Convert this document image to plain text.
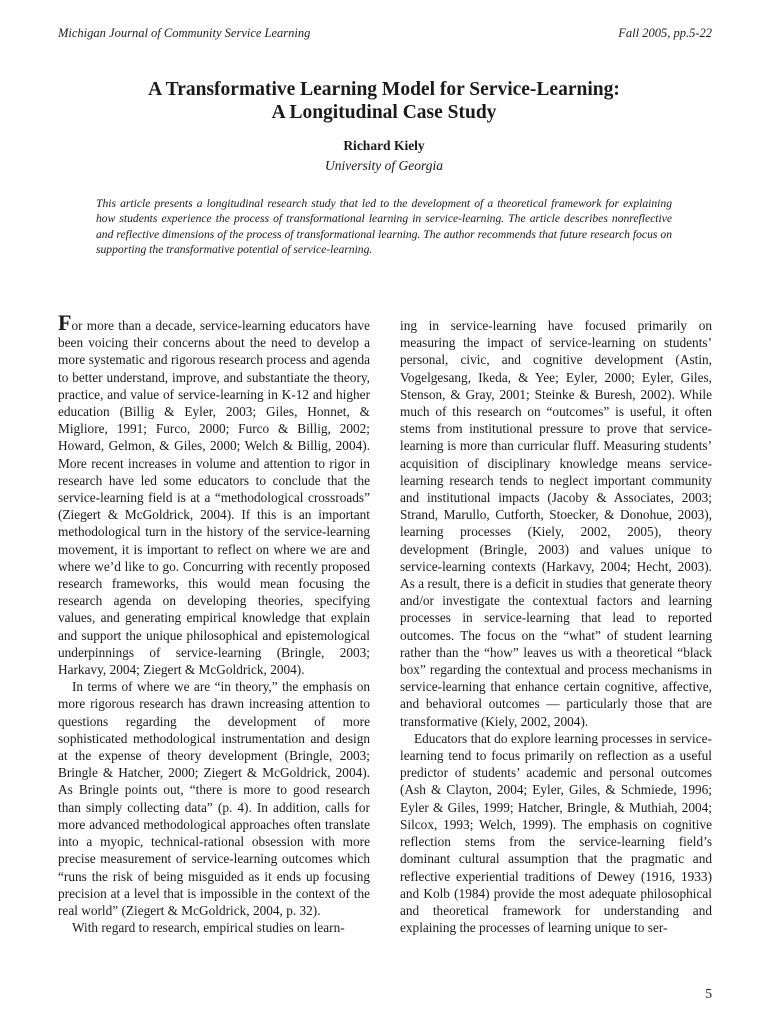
Michigan Journal of Community Service Learning	Fall 2005, pp.5-22
A Transformative Learning Model for Service-Learning:
A Longitudinal Case Study
Richard Kiely
University of Georgia

This article presents a longitudinal research study that led to the development of a theoretical framework for explaining how students experience the process of transformational learning in service-learning. The article describes nonreflective and reflective dimensions of the process of transformational learning. The author recommends that future research focus on supporting the transformative potential of service-learning.

For more than a decade, service-learning educators have been voicing their concerns about the need to develop a more systematic and rigorous research process and agenda to better understand, improve, and substantiate the theory, practice, and value of service-learning in K-12 and higher education (Billig & Eyler, 2003; Giles, Honnet, & Migliore, 1991; Furco, 2000; Furco & Billig, 2002; Howard, Gelmon, & Giles, 2000; Welch & Billig, 2004). More recent increases in volume and attention to rigor in research have led some educators to conclude that the service-learning field is at a “methodological crossroads” (Ziegert & McGoldrick, 2004). If this is an important methodological turn in the history of the service-learning movement, it is important to reflect on where we are and where we’d like to go. Concurring with recently proposed research frameworks, this would mean focusing the research agenda on developing theories, specifying values, and generating empirical knowledge that explain and support the unique philosophical and epistemological underpinnings of service-learning (Bringle, 2003; Harkavy, 2004; Ziegert & McGoldrick, 2004).

In terms of where we are “in theory,” the emphasis on more rigorous research has drawn increasing attention to questions regarding the development of more sophisticated methodological instrumentation and design at the expense of theory development (Bringle, 2003; Bringle & Hatcher, 2000; Ziegert & McGoldrick, 2004). As Bringle points out, “there is more to good research than simply collecting data” (p. 4). In addition, calls for more advanced methodological approaches often translate into a myopic, technical-rational obsession with more precise measurement of service-learning outcomes which “runs the risk of being misguided as it ends up focusing precision at a level that is impossible in the context of the real world” (Ziegert & McGoldrick, 2004, p. 32).

With regard to research, empirical studies on learn-

ing in service-learning have focused primarily on measuring the impact of service-learning on students’ personal, civic, and cognitive development (Astin, Vogelgesang, Ikeda, & Yee; Eyler, 2000; Eyler, Giles, Stenson, & Gray, 2001; Steinke & Buresh, 2002). While much of this research on “outcomes” is useful, it often stems from institutional pressure to prove that service-learning is more than curricular fluff. Measuring students’ acquisition of disciplinary knowledge means service-learning research tends to neglect important community and institutional impacts (Jacoby & Associates, 2003; Strand, Marullo, Cutforth, Stoecker, & Donohue, 2003), learning processes (Kiely, 2002, 2005), theory development (Bringle, 2003) and values unique to service-learning contexts (Harkavy, 2004; Hecht, 2003). As a result, there is a deficit in studies that generate theory and/or investigate the contextual factors and learning processes in service-learning that lead to reported outcomes. The focus on the “what” of student learning rather than the “how” leaves us with a theoretical “black box” regarding the contextual and process mechanisms in service-learning that enhance certain cognitive, affective, and behavioral outcomes — particularly those that are transformative (Kiely, 2002, 2004).

Educators that do explore learning processes in service-learning tend to focus primarily on reflection as a useful predictor of students’ academic and personal outcomes (Ash & Clayton, 2004; Eyler, Giles, & Schmiede, 1996; Eyler & Giles, 1999; Hatcher, Bringle, & Muthiah, 2004; Silcox, 1993; Welch, 1999). The emphasis on cognitive reflection stems from the service-learning field’s dominant cultural assumption that the pragmatic and reflective experiential traditions of Dewey (1916, 1933) and Kolb (1984) provide the most adequate philosophical and theoretical framework for understanding and explaining the processes of learning unique to ser-

5
